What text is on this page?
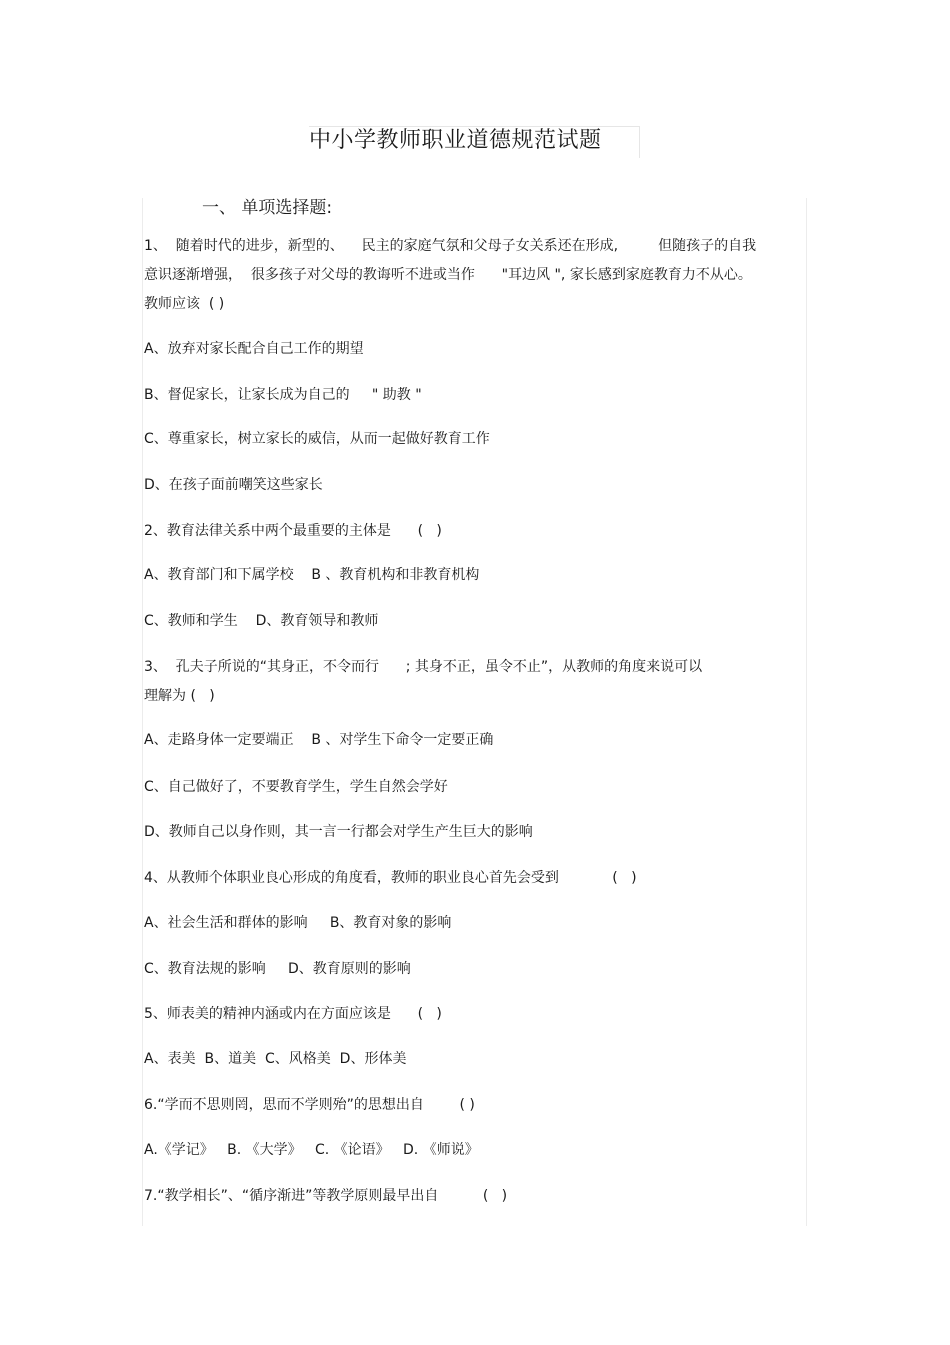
中小学教师职业道德规范试题
一、 单项选择题:
1、  随着时代的进步，新型的、    民主的家庭气氛和父母子女关系还在形成,         但随孩子的自我
意识逐渐增强，  很多孩子对父母的教诲听不进或当作      "耳边风 ", 家长感到家庭教育力不从心。
教师应该  ( )
A、放弃对家长配合自己工作的期望
B、督促家长，让家长成为自己的     " 助教 "
C、尊重家长，树立家长的威信，从而一起做好教育工作
D、在孩子面前嘲笑这些家长
2、教育法律关系中两个最重要的主体是      (   )
A、教育部门和下属学校    B 、教育机构和非教育机构
C、教师和学生    D、教育领导和教师
3、  孔夫子所说的“其身正，不令而行      ; 其身不正，虽令不止”，从教师的角度来说可以
理解为 (   )
A、走路身体一定要端正    B 、对学生下命令一定要正确
C、自己做好了，不要教育学生，学生自然会学好
D、教师自己以身作则，其一言一行都会对学生产生巨大的影响
4、从教师个体职业良心形成的角度看，教师的职业良心首先会受到            (   )
A、社会生活和群体的影响     B、教育对象的影响
C、教育法规的影响     D、教育原则的影响
5、师表美的精神内涵或内在方面应该是      (   )
A、表美  B、道美  C、风格美  D、形体美
6.“学而不思则罔，思而不学则殆”的思想出自        ( )
A.《学记》   B. 《大学》   C. 《论语》   D. 《师说》
7.“教学相长”、“循序渐进”等教学原则最早出自          (   )
